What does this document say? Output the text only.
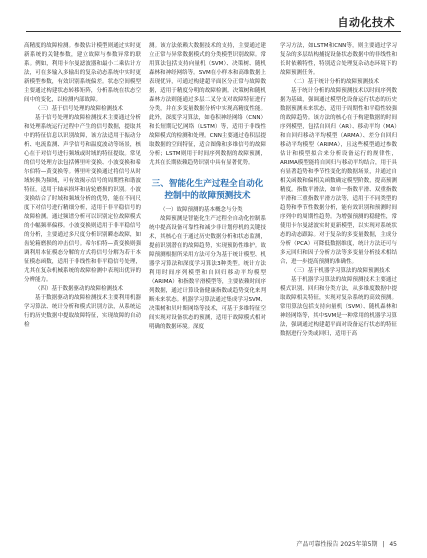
自动化技术

高精度的故障检测。参数估计模型则通过实时更新系统的关键参数，建立故障与参数异常的联系。例如，利用卡尔曼滤波器和最小二乘估计方法，可在多输入多输出的复杂动态系统中实时更新模型参数，有效识别系统偏差。状态空间模型主要通过构建状态转移矩阵，分析系统在状态空间中的变化，以检测内部故障。

（三）基于信号处理的故障检测技术

基于信号处理的故障检测技术主要通过分析和处理系统运行过程中产生的信号数据，提取其中的特征信息以识别故障，该方法适用于振动分析、电流监测、声学信号和温度波动等场景，核心在于对信号进行频域或时域的特征提取。常见的信号处理方法包括傅里叶变换、小波变换和希尔伯特—黄变换等。傅里叶变换通过将信号从时域转换为频域，可有效揭示信号的周期性和谐波特征，适用于轴承损坏和齿轮磨损的识别。小波变换结合了时域和频域分析的优势，能在不同尺度下对信号进行精细分析，适用于非平稳信号的故障检测。通过频谱分析可以识别定位故障模式的小幅频率偏移。小波变换则适用于非平稳信号的分析，主要通过多尺度分析识别瞬态故障，如齿轮箱磨损的冲击信号。希尔伯特—黄变换则强调利用本征模态分解的方式将信号分解为若干本征模态函数，适用于非线性和非平稳信号处理，尤其在复杂机械系统的故障检测中表现出优异的分辨能力。

（四）基于数据驱动的故障检测技术

基于数据驱动的故障检测技术主要利用机器学习算法、统计分析和模式识别方法，从系统运行的历史数据中提取故障特征，实现故障的自动检

测。该方法依赖大数据技术的支持，主要通过建立正常与异常数据模式的分类模型识别故障。常用算法包括支持向量机（SVM）、决策树、随机森林和神经网络等。SVM在小样本和高维数据上表现优异，可通过构建超平面区分正常与故障数据，适用于精度分明的故障检测。决策树和随机森林方法则能通过多层二叉分支对故障特征进行分类，并在多变量数据分析中实现高精度性能。此外，深度学习算法，如卷积神经网络（CNN）和长短期记忆网络（LSTM）等，适用于非线性故障模式的检测和处理。CNN主要通过卷积层提取数据的空间特征，适合图像和多维信号的故障分析；LSTM则用于时间序列数据的故障预测，尤其在长期依赖趋势识别中具有显著优势。

三、智能化生产过程全自动化控制中的故障预测技术

（一）故障预测的基本概念与分类

故障预测是智能化生产过程全自动化控制系统中提高设备可靠性和减少非计划停机的关键技术，其核心在于通过历史数据分析和状态监测，提前识别潜在的故障趋势，实现预防性维护。故障预测根据所采用方法可分为基于统计模型、机器学习算法和深度学习算法3种类型。统计方法利用时间序列模型和自回归移动平均模型（ARIMA）和指数平滑模型等，主要依赖时间序列数据，通过计算设备健康指数或趋势变化来判断未来状态。机器学习算法通过集成学习SVM、决策树和贝叶斯网络等技术，可基于多维特征空间实现对设备状态的预测，适用于故障模式相对明确的数据环境。深度

学习方法，如LSTM和CNN等，则主要通过学习复杂的多层结构捕捉设备状态数据中的非线性和长时依赖特性，特别适合处理复杂动态环境下的故障预测任务。

（二）基于统计分析的故障预测技术

基于统计分析的故障预测技术以时间序列数据为基础，强调通过模型化设备运行状态的历史数据预测未来状态，适用于周期性和平稳性较强的故障趋势。该方法的核心在于构建数据的时间序列模型，包括自回归（AR）、移动平均（MA）和自回归移动平均模型（ARMA）、差分自回归移动平均模型（ARIMA），且这些模型通过参数估计和模型拟合来分析设备运行的规律性，ARIMA模型能将自回归与移动平均结合，用于具有显著趋势和季节性变化的数据场景，并通过自相关函数和偏相关函数确定模型阶数，提高预测精度。指数平滑法，如单一指数平滑、双重指数平滑和三重指数平滑方法等，适用于不同类型的趋势和季节性数据分析，能有效识别和预测时间序列中的周期性趋势。为增强预测的稳健性，常使用卡尔曼滤波实时更新模型，以实现对系统状态的动态跟踪。对于复杂的多变量数据，主成分分析（PCA）可降低数据维度，统计方法还可与多元回归和因子分析方法等多变量分析技术相结合，进一步提高预测的准确性。

（三）基于机器学习算法的故障预测技术

基于机器学习算法的故障预测技术主要通过模式识别、回归和分类方法，从多维度数据中提取故障相关特征，实现对复杂系统的高效预测。常用算法包括支持向量机（SVM）、随机森林和神经网络等，其中SVM是一种常用的机器学习算法，强调通过构建超平面对设备运行状态的特征数据进行分类或回归，适用于高

产品可靠性报告 2025年第5期 | 45
